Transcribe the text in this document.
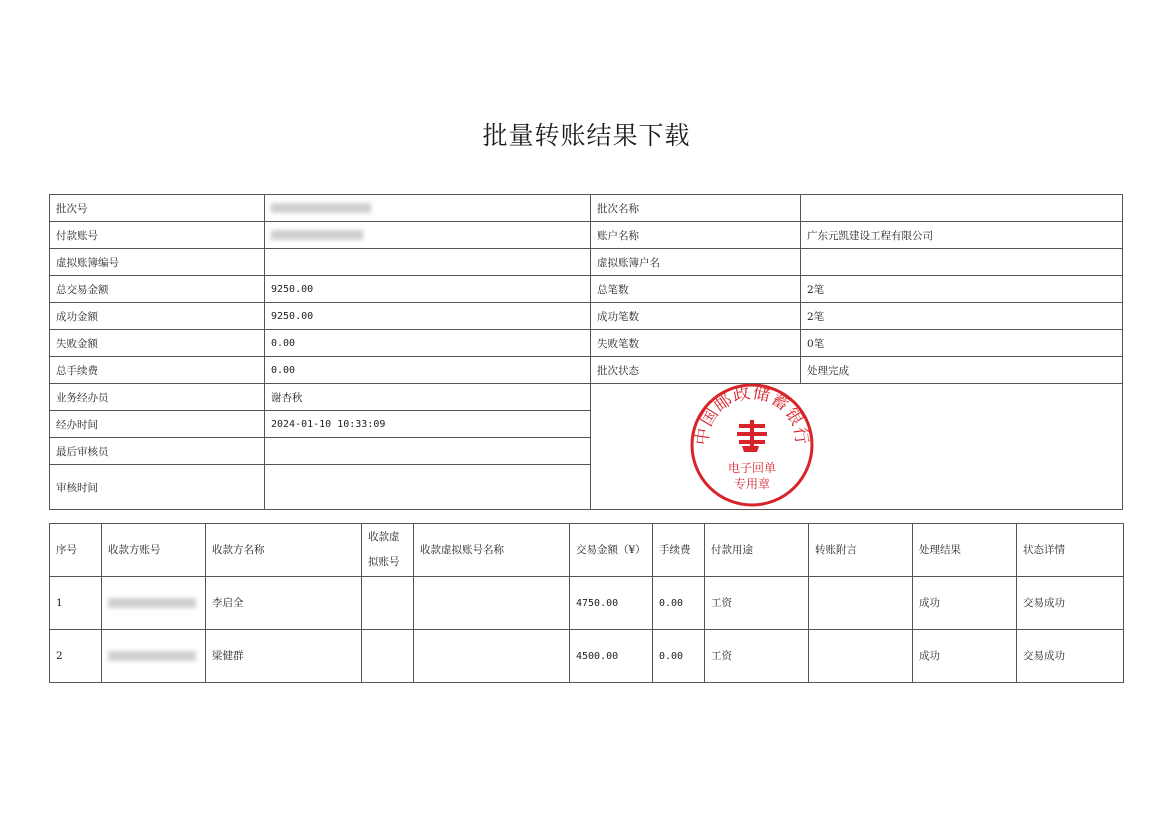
批量转账结果下载
批次号		批次名称	
付款账号		账户名称	广东元凯建设工程有限公司
虚拟账簿编号		虚拟账簿户名	
总交易金额	9250.00	总笔数	2笔
成功金额	9250.00	成功笔数	2笔
失败金额	0.00	失败笔数	0笔
总手续费	0.00	批次状态	处理完成
业务经办员	谢杏秋	中国邮政储蓄银行
电子回单
专用章	

经办时间	2024-01-10 10:33:09		
最后审核员			
审核时间			
序号	收款方账号	收款方名称	收款虚拟账号	收款虚拟账号名称	交易金额（¥）	手续费	付款用途	转账附言	处理结果	状态详情
1		李启全			4750.00	0.00	工资		成功	交易成功
2		梁健群			4500.00	0.00	工资		成功	交易成功
